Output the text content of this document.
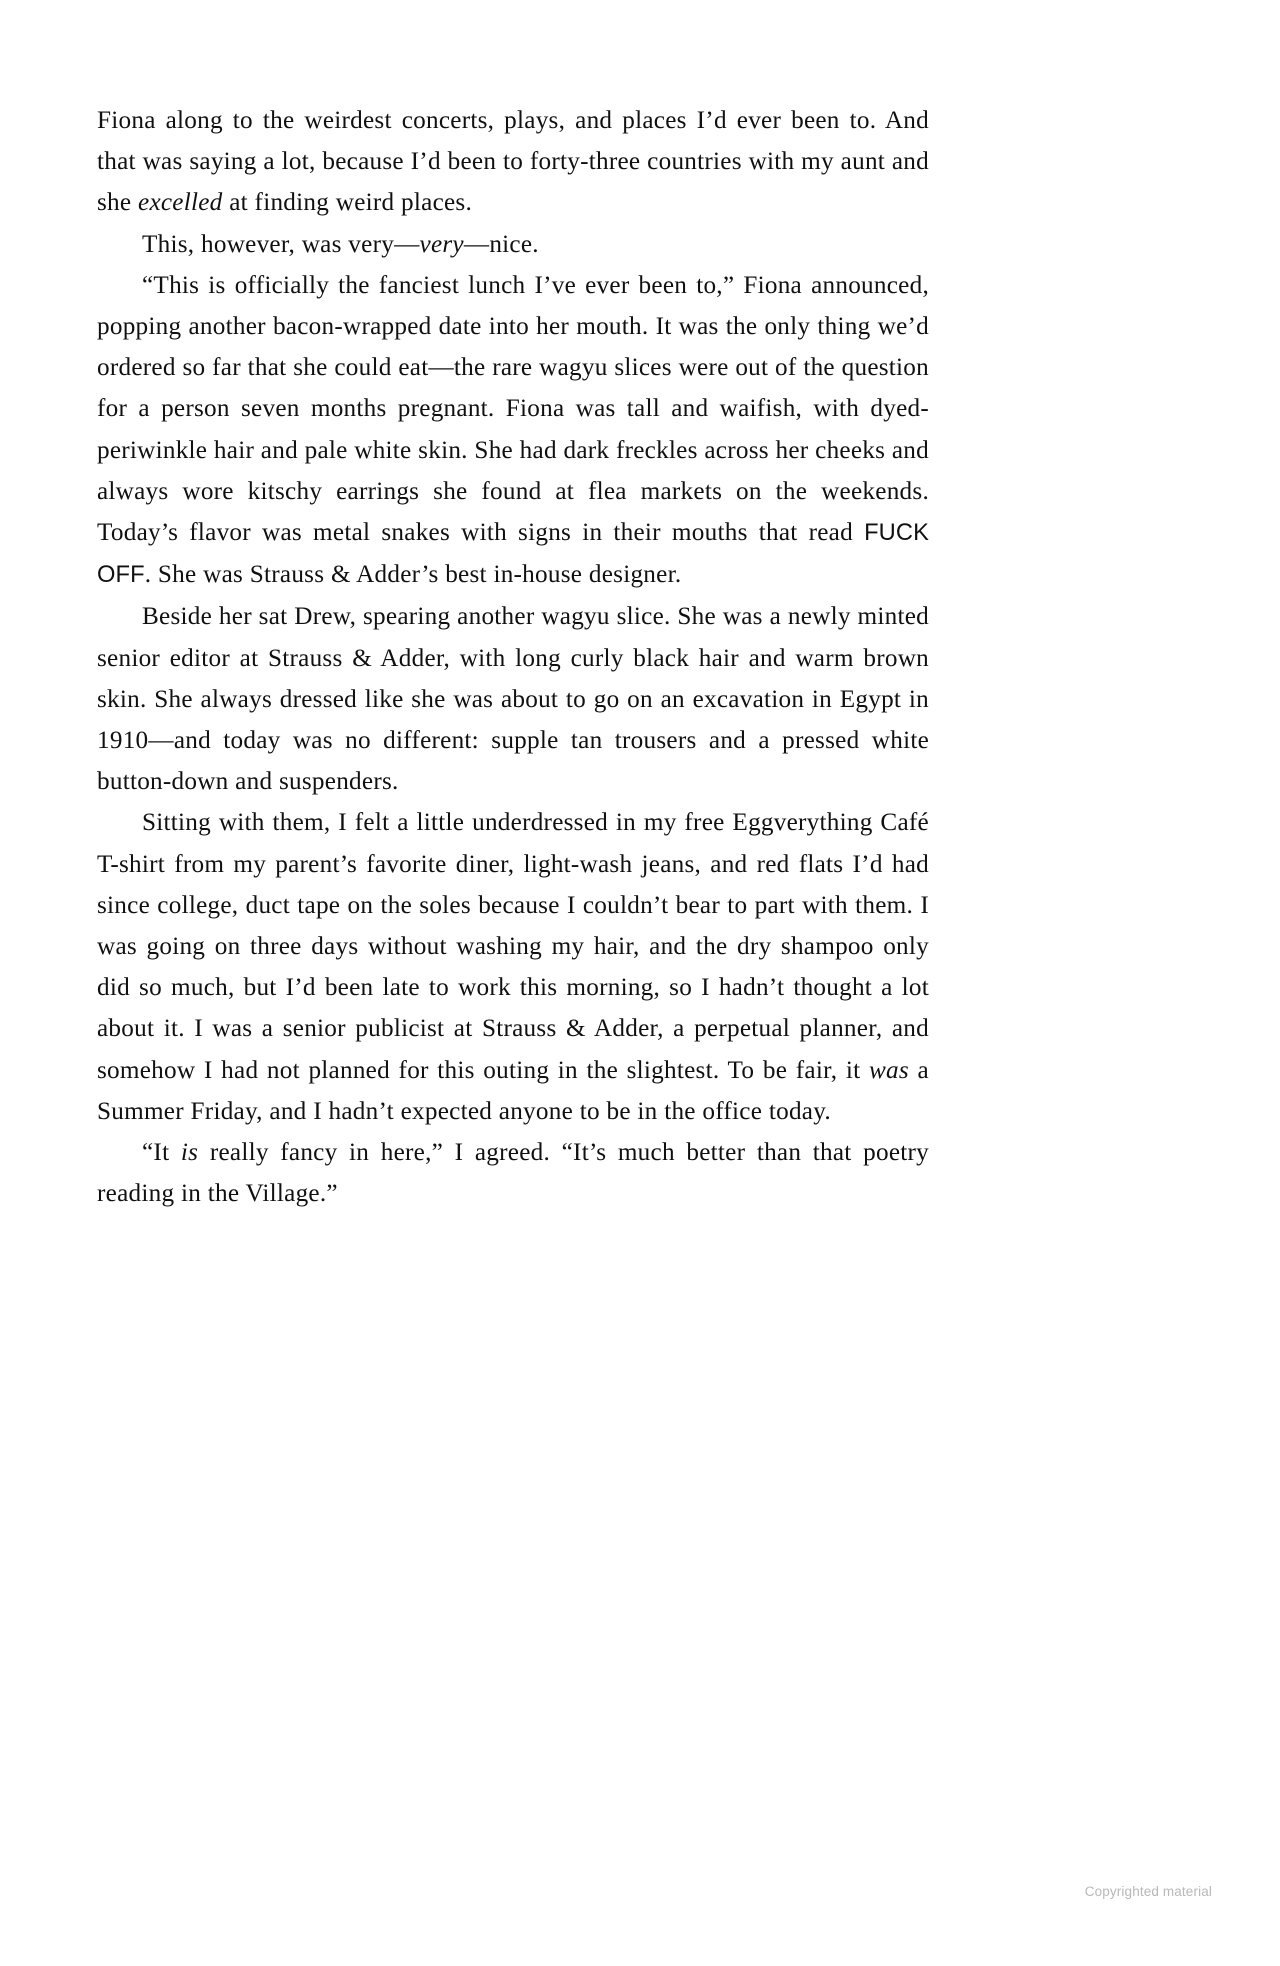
Fiona along to the weirdest concerts, plays, and places I’d ever been to. And that was saying a lot, because I’d been to forty-three countries with my aunt and she excelled at finding weird places.

This, however, was very—very—nice.

“This is officially the fanciest lunch I’ve ever been to,” Fiona announced, popping another bacon-wrapped date into her mouth. It was the only thing we’d ordered so far that she could eat—the rare wagyu slices were out of the question for a person seven months pregnant. Fiona was tall and waifish, with dyed-periwinkle hair and pale white skin. She had dark freckles across her cheeks and always wore kitschy earrings she found at flea markets on the weekends. Today’s flavor was metal snakes with signs in their mouths that read FUCK OFF. She was Strauss & Adder’s best in-house designer.

Beside her sat Drew, spearing another wagyu slice. She was a newly minted senior editor at Strauss & Adder, with long curly black hair and warm brown skin. She always dressed like she was about to go on an excavation in Egypt in 1910—and today was no different: supple tan trousers and a pressed white button-down and suspenders.

Sitting with them, I felt a little underdressed in my free Eggverything Café T-shirt from my parent’s favorite diner, light-wash jeans, and red flats I’d had since college, duct tape on the soles because I couldn’t bear to part with them. I was going on three days without washing my hair, and the dry shampoo only did so much, but I’d been late to work this morning, so I hadn’t thought a lot about it. I was a senior publicist at Strauss & Adder, a perpetual planner, and somehow I had not planned for this outing in the slightest. To be fair, it was a Summer Friday, and I hadn’t expected anyone to be in the office today.

“It is really fancy in here,” I agreed. “It’s much better than that poetry reading in the Village.”

Copyrighted material
